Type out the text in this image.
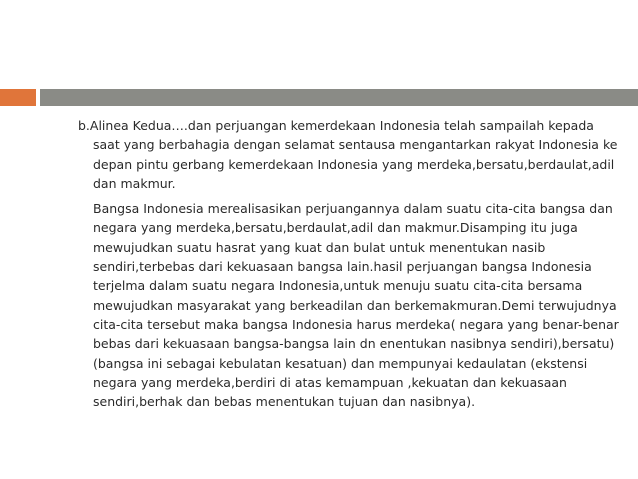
b.Alinea Kedua….dan perjuangan kemerdekaan Indonesia telah sampailah kepada saat yang berbahagia dengan selamat sentausa mengantarkan rakyat Indonesia ke depan pintu gerbang kemerdekaan Indonesia yang merdeka,bersatu,berdaulat,adil dan makmur.

Bangsa Indonesia merealisasikan perjuangannya dalam suatu cita-cita bangsa dan negara yang merdeka,bersatu,berdaulat,adil dan makmur.Disamping itu juga mewujudkan suatu hasrat yang kuat dan bulat untuk menentukan nasib sendiri,terbebas dari kekuasaan bangsa lain.hasil perjuangan bangsa Indonesia terjelma dalam suatu negara Indonesia,untuk menuju suatu cita-cita bersama mewujudkan masyarakat yang berkeadilan dan berkemakmuran.Demi terwujudnya cita-cita tersebut maka bangsa Indonesia harus merdeka( negara yang benar-benar bebas dari kekuasaan bangsa-bangsa lain dn enentukan nasibnya sendiri),bersatu)(bangsa ini sebagai kebulatan kesatuan) dan mempunyai kedaulatan (ekstensi negara yang merdeka,berdiri di atas kemampuan ,kekuatan dan kekuasaan sendiri,berhak dan bebas menentukan tujuan dan nasibnya).
